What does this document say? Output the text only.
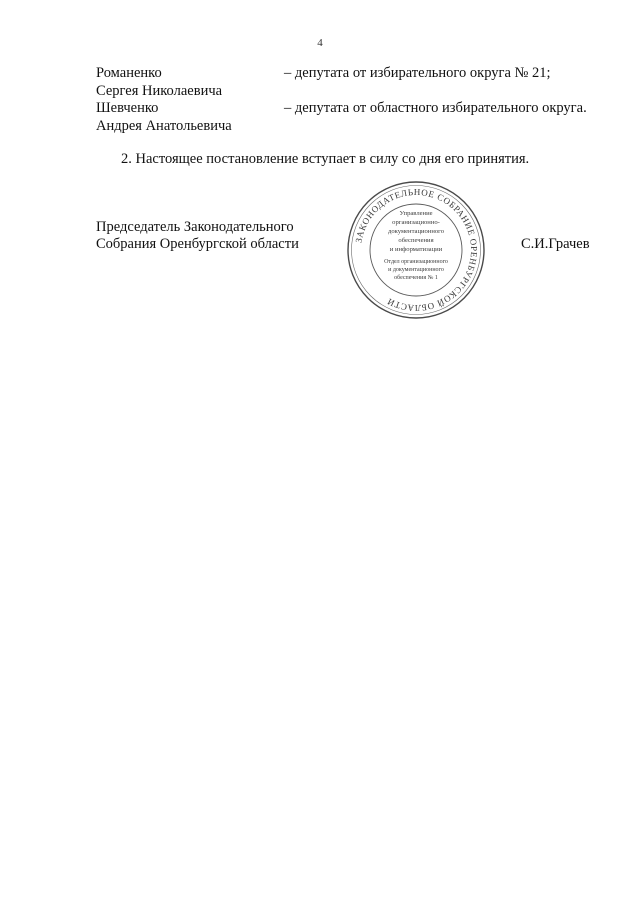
4
Романенко
Сергея Николаевича
– депутата от избирательного округа № 21;
Шевченко
Андрея Анатольевича
– депутата от областного избирательного округа.
2. Настоящее постановление вступает в силу со дня его принятия.
Председатель Законодательного
Собрания Оренбургской области	С.И.Грачев
ЗАКОНОДАТЕЛЬНОЕ СОБРАНИЕ ОРЕНБУРГСКОЙ ОБЛАСТИ
Управление
организационно-
документационного
обеспечения
и информатизации
Отдел организационного
и документационного
обеспечения № 1
